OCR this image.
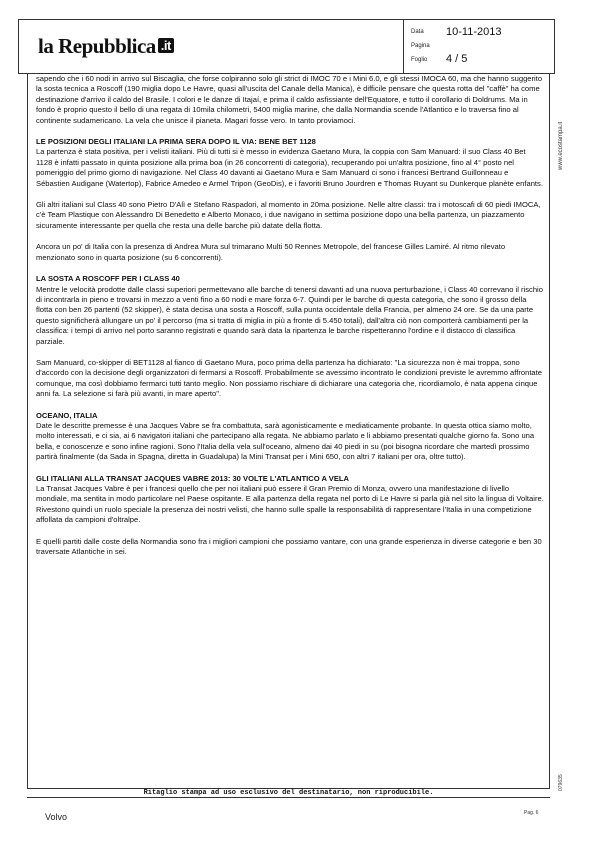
la Repubblica .it
Data 10-11-2013
Pagina
Foglio 4 / 5
www.ecostampa.it
079635

sapendo che i 60 nodi in arrivo sul Biscaglia, che forse colpiranno solo gli strict di IMOC 70 e i Mini 6.0, e gli stessi IMOCA 60, ma che hanno suggerito la sosta tecnica a Roscoff (190 miglia dopo Le Havre, quasi all'uscita del Canale della Manica), è difficile pensare che questa rotta del "caffè" ha come destinazione d'arrivo il caldo del Brasile. I colori e le danze di Itajaí, e prima il caldo asfissiante dell'Equatore, e tutto il corollario di Doldrums. Ma in fondo è proprio questo il bello di una regata di 10mila chilometri, 5400 miglia marine, che dalla Normandia scende l'Atlantico e lo traversa fino al continente sudamericano. La vela che unisce il pianeta. Magari fosse vero. In tanto proviamoci.

LE POSIZIONI DEGLI ITALIANI LA PRIMA SERA DOPO IL VIA: BENE BET 1128

La partenza è stata positiva, per i velisti italiani. Più di tutti si è messo in evidenza Gaetano Mura, la coppia con Sam Manuard: il suo Class 40 Bet 1128 è infatti passato in quinta posizione alla prima boa (in 26 concorrenti di categoria), recuperando poi un'altra posizione, fino al 4° posto nel pomeriggio del primo giorno di navigazione. Nel Class 40 davanti ai Gaetano Mura e Sam Manuard ci sono i francesi Bertrand Guillonneau e Sébastien Audigane (Watertop), Fabrice Amedeo e Armel Tripon (GeoDis), e i favoriti Bruno Jourdren e Thomas Ruyant su Dunkerque planète enfants.

Gli altri italiani sul Class 40 sono Pietro D'Alì e Stefano Raspadori, al momento in 20ma posizione. Nelle altre classi: tra i motoscafi di 60 piedi IMOCA, c'è Team Plastique con Alessandro Di Benedetto e Alberto Monaco, i due navigano in settima posizione dopo una bella partenza, un piazzamento sicuramente interessante per quella che resta una delle barche più datate della flotta.

Ancora un po' di Italia con la presenza di Andrea Mura sul trimarano Multi 50 Rennes Metropole, del francese Gilles Lamiré. Al ritmo rilevato menzionato sono in quarta posizione (su 6 concorrenti).

LA SOSTA A ROSCOFF PER I CLASS 40

Mentre le velocità prodotte dalle classi superiori permettevano alle barche di tenersi davanti ad una nuova perturbazione, i Class 40 correvano il rischio di incontrarla in pieno e trovarsi in mezzo a venti fino a 60 nodi e mare forza 6-7. Quindi per le barche di questa categoria, che sono il grosso della flotta con ben 26 partenti (52 skipper), è stata decisa una sosta a Roscoff, sulla punta occidentale della Francia, per almeno 24 ore. Se da una parte questo significherà allungare un po' il percorso (ma si tratta di miglia in più a fronte di 5.450 totali), dall'altra ciò non comporterà cambiamenti per la classifica: i tempi di arrivo nel porto saranno registrati e quando sarà data la ripartenza le barche rispetteranno l'ordine e il distacco di classifica parziale.

Sam Manuard, co-skipper di BET1128 al fianco di Gaetano Mura, poco prima della partenza ha dichiarato: "La sicurezza non è mai troppa, sono d'accordo con la decisione degli organizzatori di fermarsi a Roscoff. Probabilmente se avessimo incontrato le condizioni previste le avremmo affrontate comunque, ma così dobbiamo fermarci tutti tanto meglio. Non possiamo rischiare di dichiarare una categoria che, ricordiamolo, è nata appena cinque anni fa. La selezione si farà più avanti, in mare aperto".

OCEANO, ITALIA

Date le descritte premesse è una Jacques Vabre se fra combattuta, sarà agonisticamente e mediaticamente probante. In questa ottica siamo molto, molto interessati, e ci sia, ai 6 navigatori italiani che partecipano alla regata. Ne abbiamo parlato e li abbiamo presentati qualche giorno fa. Sono una bella, e conoscenze e sono infine ragioni. Sono l'Italia della vela sull'oceano, almeno dai 40 piedi in su (poi bisogna ricordare che martedì prossimo partirà finalmente (da Sada in Spagna, diretta in Guadalupa) la Mini Transat per i Mini 650, con altri 7 italiani per ora, oltre tutto).

GLI ITALIANI ALLA TRANSAT JACQUES VABRE 2013: 30 VOLTE L'ATLANTICO A VELA

La Transat Jacques Vabre è per i francesi quello che per noi italiani può essere il Gran Premio di Monza, ovvero una manifestazione di livello mondiale, ma sentita in modo particolare nel Paese ospitante. E alla partenza della regata nel porto di Le Havre si parla già nel sito la lingua di Voltaire. Rivestono quindi un ruolo speciale la presenza dei nostri velisti, che hanno sulle spalle la responsabilità di rappresentare l'Italia in una competizione affollata da campioni d'oltralpe.

E quelli partiti dalle coste della Normandia sono fra i migliori campioni che possiamo vantare, con una grande esperienza in diverse categorie e ben 30 traversate Atlantiche in sei.

Ritaglio stampa ad uso esclusivo del destinatario, non riproducibile.
Volvo	Pag. 6
